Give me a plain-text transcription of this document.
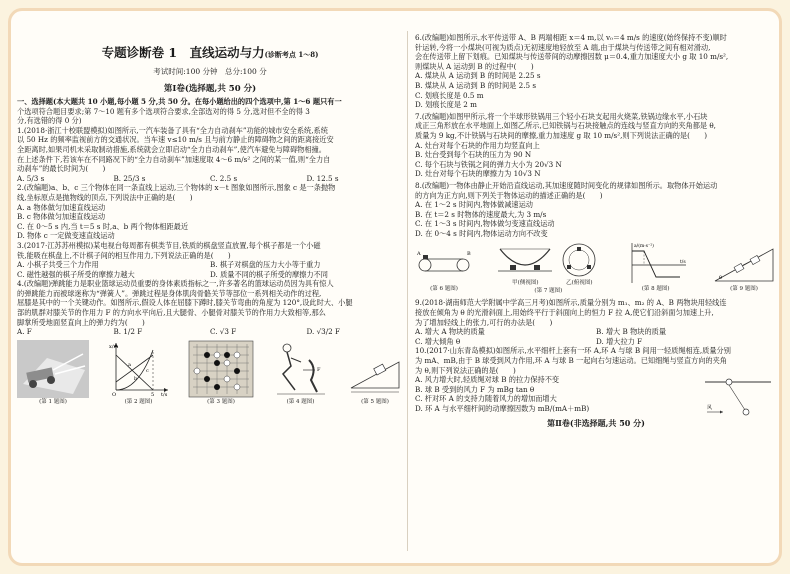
专题诊断卷 1　直线运动与力(诊断考点 1～8)

考试时间:100 分钟　总分:100 分

第Ⅰ卷(选择题,共 50 分)

一、选择题(本大题共 10 小题,每小题 5 分,共 50 分。在每小题给出的四个选项中,第 1～6 题只有一

个选项符合题目要求;第 7～10 题有多个选项符合要求,全部选对的得 5 分,选对但不全的得 3

分,有选错的得 0 分)

1.(2018·浙江十校联盟模拟)如图所示,一汽车装备了具有“全力自动刹车”功能的城市安全系统,系统

以 50 Hz 的频率监视前方的交通状况。当车速 v≤10 m/s 且与前方静止的障碍物之间的距离接近安

全距离时,如果司机未采取制动措施,系统就会立即启动“全力自动刹车”,使汽车避免与障碍物相撞。

在上述条件下,若该车在不同路况下的“全力自动刹车”加速度取 4～6 m/s² 之间的某一值,则“全力自

动刹车”的最长时间为(　　)

A. 5/3 s	B. 25/3 s	C. 2.5 s	D. 12.5 s

2.(改编题)a、b、c 三个物体在同一条直线上运动,三个物体的 x－t 图象如图所示,图象 c 是一条抛物

线,坐标原点是抛物线的顶点,下列说法中正确的是(　　)

A. a 物体做匀加速直线运动

B. c 物体做匀加速直线运动

C. 在 0～5 s 内,当 t＝5 s 时,a、b 两个物体相距最近

D. 物体 c 一定做变速直线运动

3.(2017·江苏苏州模拟)某电视台每周都有棋类节目,铁质的棋盘竖直放置,每个棋子都是一个小磁

铁,能吸在棋盘上,不计棋子间的相互作用力,下列说法正确的是(　　)

A. 小棋子共受三个力作用	B. 棋子对棋盘的压力大小等于重力
C. 磁性越强的棋子所受的摩擦力越大	D. 质量不同的棋子所受的摩擦力不同

4.(改编题)弹跳能力是职业篮球运动员重要的身体素质指标之一,许多著名的篮球运动员因为具有惊人

的弹跳能力而被球迷称为“弹簧人”。弹跳过程是身体肌肉骨骼关节等部位一系列相关动作的过程,

屈膝是其中的一个关键动作。如图所示,假设人体在屈膝下蹲时,膝关节弯曲的角度为 120°,设此时大、小腿

部的肌群对膝关节的作用力 F 的方向水平向后,且大腿骨、小腿骨对膝关节的作用力大致相等,那么

脚掌所受地面竖直向上的弹力约为(　　)

A. F	B. 1/2 F	C. √3 F	D. √3/2 F
(第 1 题图)
x/m
O	5 t/s
a
b
c
(第 2 题图)	(第 3 题图)
F
(第 4 题图)	(第 5 题图)

6.(改编题)如图所示,水平传送带 A、B 两端相距 x＝4 m,以 v₀＝4 m/s 的速度(始终保持不变)顺时

针运转,今将一小煤块(可视为质点)无初速度地轻放至 A 端,由于煤块与传送带之间有相对滑动,

会在传送带上留下划痕。已知煤块与传送带间的动摩擦因数 μ＝0.4,重力加速度大小 g 取 10 m/s²,

则煤块从 A 运动到 B 的过程中(　　)

A. 煤块从 A 运动到 B 的时间是 2.25 s

B. 煤块从 A 运动到 B 的时间是 2.5 s

C. 划痕长度是 0.5 m

D. 划痕长度是 2 m

7.(改编题)如图甲所示,将一个半球形铁锅用三个轻小石块支起用火烧菜,铁锅边缘水平,小石块

成正三角形放在水平地面上,如图乙所示,已知铁锅与石块接触点的连线与竖直方向的夹角都是 θ,

质量为 9 kg,不计铁锅与石块间的摩擦,重力加速度 g 取 10 m/s²,则下列说法正确的是(　　)

A. 灶台对每个石块的作用力均竖直向上

B. 灶台受到每个石块的压力为 90 N

C. 每个石块与铁锅之间的弹力大小为 20√3 N

D. 灶台对每个石块的摩擦力为 10√3 N

8.(改编题)一物体由静止开始沿直线运动,其加速度随时间变化的规律如图所示。取物体开始运动

的方向为正方向,则下列关于物体运动的描述正确的是(　　)

A. 在 1～2 s 时间内,物体做减速运动

B. 在 t＝2 s 时物体的速度最大,为 3 m/s

C. 在 1～3 s 时间内,物体做匀变速直线运动

D. 在 0～4 s 时间内,物体运动方向不改变

A	B
(第 6 题图)
甲(侧视图)	乙(俯视图)
(第 7 题图)
a/(m·s⁻²)
t/s
(第 8 题图)
θ
(第 9 题图)

9.(2018·湖南师范大学附属中学高三月考)如图所示,质量分别为 m₁、m₂ 的 A、B 两物块用轻线连

接放在倾角为 θ 的光滑斜面上,用始终平行于斜面向上的恒力 F 拉 A,使它们沿斜面匀加速上升,

为了增加轻线上的张力,可行的办法是(　　)

A. 增大 A 物块的质量	B. 增大 B 物块的质量
C. 增大倾角 θ	D. 增大拉力 F

10.(2017·山东青岛模拟)如图所示,水平细杆上套有一环 A,环 A 与球 B 间用一轻质绳相连,质量分别

为 mA、mB,由于 B 球受到风力作用,环 A 与球 B 一起向右匀速运动。已知细绳与竖直方向的夹角

为 θ,则下列说法正确的是(　　)

A. 风力增大时,轻质绳对球 B 的拉力保持不变

B. 球 B 受到的风力 F 为 mBg tan θ

C. 杆对环 A 的支持力随着风力的增加而增大

D. 环 A 与水平细杆间的动摩擦因数为 mB/(mA＋mB)	风

第Ⅱ卷(非选择题,共 50 分)
